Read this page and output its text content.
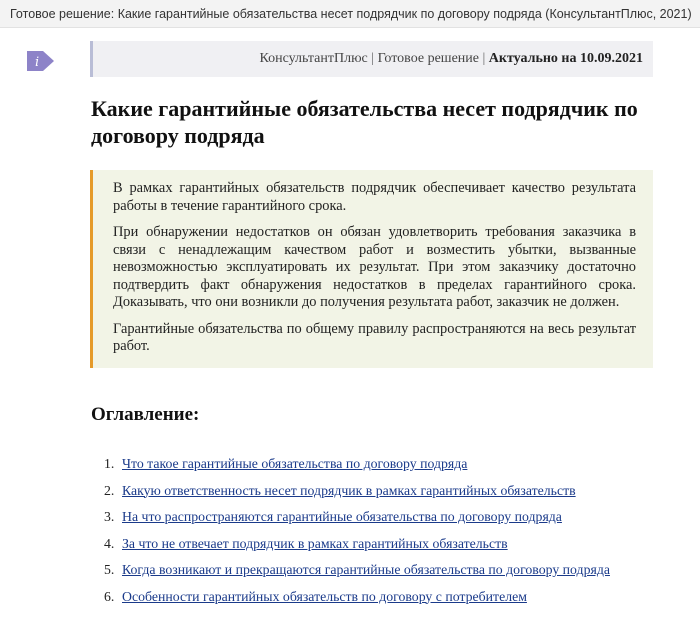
Готовое решение: Какие гарантийные обязательства несет подрядчик по договору подряда (КонсультантПлюс, 2021)
i	КонсультантПлюс | Готовое решение | Актуально на 10.09.2021
Какие гарантийные обязательства несет подрядчик по договору подряда

В рамках гарантийных обязательств подрядчик обеспечивает качество результата работы в течение гарантийного срока.

При обнаружении недостатков он обязан удовлетворить требования заказчика в связи с ненадлежащим качеством работ и возместить убытки, вызванные невозможностью эксплуатировать их результат. При этом заказчику достаточно подтвердить факт обнаружения недостатков в пределах гарантийного срока. Доказывать, что они возникли до получения результата работ, заказчик не должен.

Гарантийные обязательства по общему правилу распространяются на весь результат работ.

Оглавление:
1. Что такое гарантийные обязательства по договору подряда
2. Какую ответственность несет подрядчик в рамках гарантийных обязательств
3. На что распространяются гарантийные обязательства по договору подряда
4. За что не отвечает подрядчик в рамках гарантийных обязательств
5. Когда возникают и прекращаются гарантийные обязательства по договору подряда
6. Особенности гарантийных обязательств по договору с потребителем
